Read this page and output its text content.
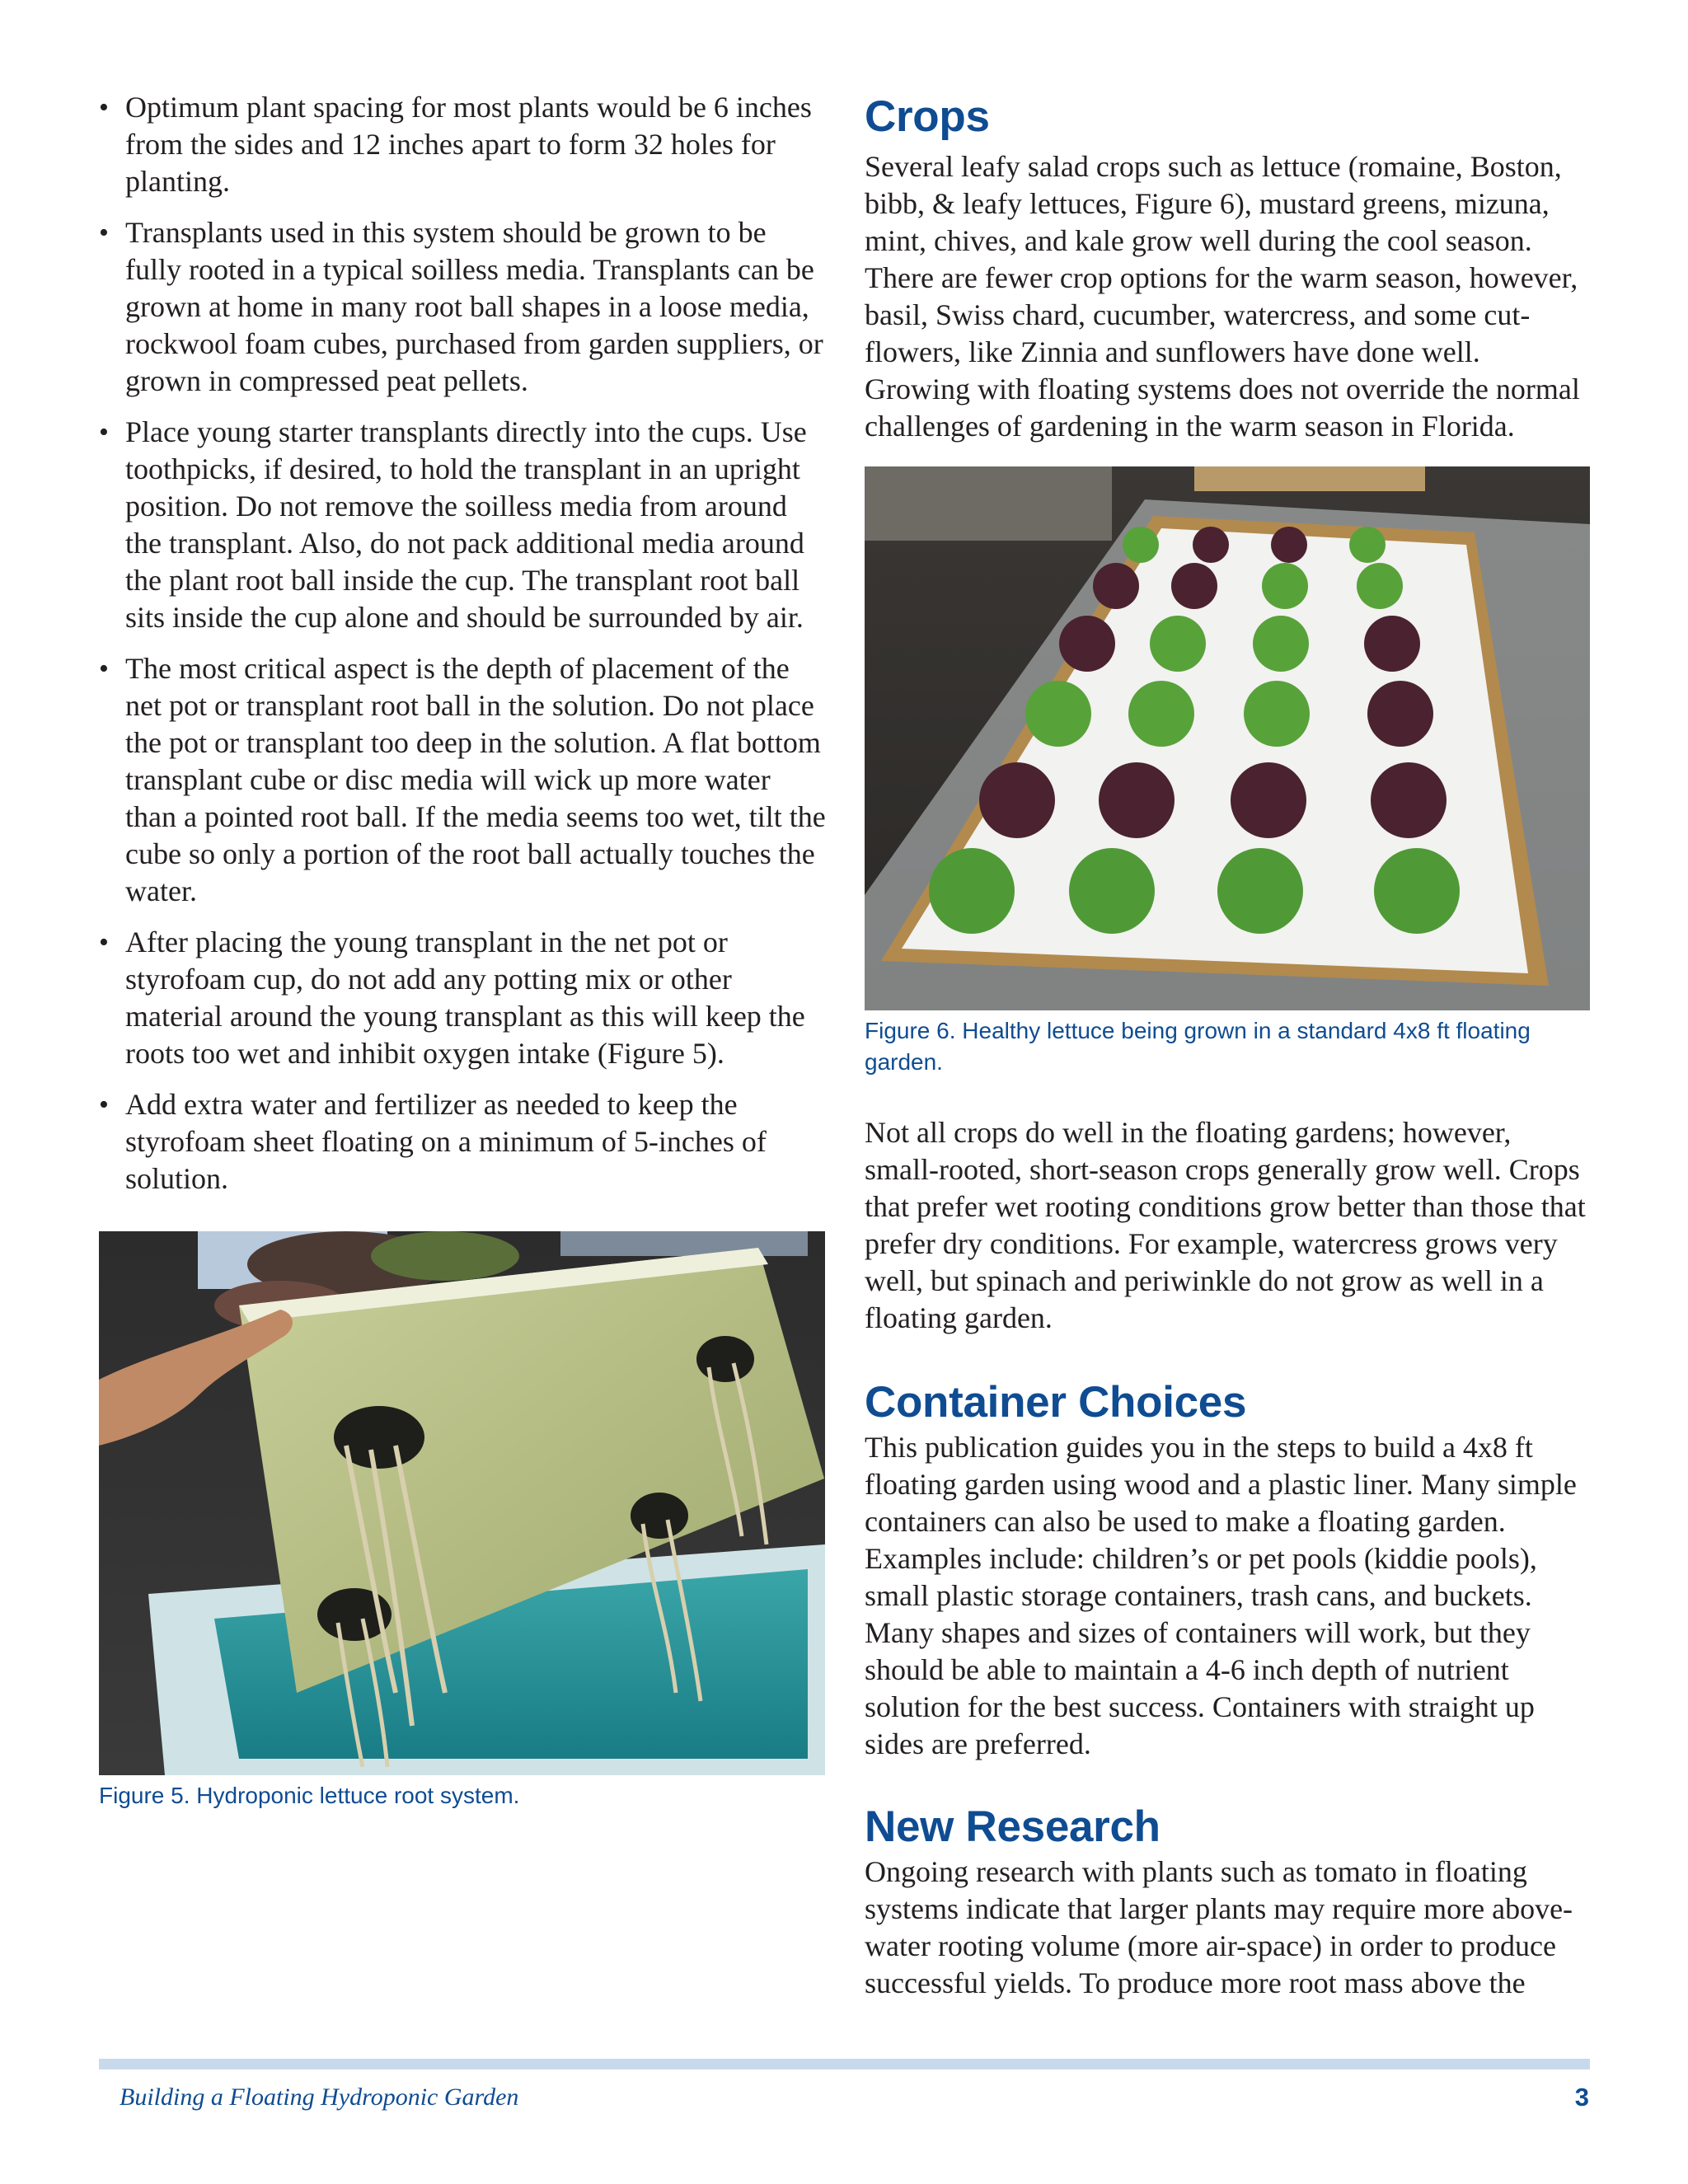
• Optimum plant spacing for most plants would be 6 inches from the sides and 12 inches apart to form 32 holes for planting.
• Transplants used in this system should be grown to be fully rooted in a typical soilless media. Transplants can be grown at home in many root ball shapes in a loose media, rockwool foam cubes, purchased from garden suppliers, or grown in compressed peat pellets.
• Place young starter transplants directly into the cups. Use toothpicks, if desired, to hold the transplant in an upright position. Do not remove the soilless media from around the transplant. Also, do not pack additional media around the plant root ball inside the cup. The transplant root ball sits inside the cup alone and should be surrounded by air.
• The most critical aspect is the depth of placement of the net pot or transplant root ball in the solution. Do not place the pot or transplant too deep in the solution. A flat bottom transplant cube or disc media will wick up more water than a pointed root ball. If the media seems too wet, tilt the cube so only a portion of the root ball actually touches the water.
• After placing the young transplant in the net pot or styrofoam cup, do not add any potting mix or other material around the young transplant as this will keep the roots too wet and inhibit oxygen intake (Figure 5).
• Add extra water and fertilizer as needed to keep the styrofoam sheet floating on a minimum of 5-inches of solution.

Figure 5. Hydroponic lettuce root system.

Crops

Several leafy salad crops such as lettuce (romaine, Boston, bibb, & leafy lettuces, Figure 6), mustard greens, mizuna, mint, chives, and kale grow well during the cool season. There are fewer crop options for the warm season, however, basil, Swiss chard, cucumber, watercress, and some cut-flowers, like Zinnia and sunflowers have done well. Growing with floating systems does not override the normal challenges of gardening in the warm season in Florida.

Figure 6. Healthy lettuce being grown in a standard 4x8 ft floating garden.

Not all crops do well in the floating gardens; however, small-rooted, short-season crops generally grow well. Crops that prefer wet rooting conditions grow better than those that prefer dry conditions. For example, watercress grows very well, but spinach and periwinkle do not grow as well in a floating garden.

Container Choices

This publication guides you in the steps to build a 4x8 ft floating garden using wood and a plastic liner. Many simple containers can also be used to make a floating garden. Examples include: children’s or pet pools (kiddie pools), small plastic storage containers, trash cans, and buckets. Many shapes and sizes of containers will work, but they should be able to maintain a 4-6 inch depth of nutrient solution for the best success. Containers with straight up sides are preferred.

New Research

Ongoing research with plants such as tomato in floating systems indicate that larger plants may require more above-water rooting volume (more air-space) in order to produce successful yields. To produce more root mass above the

Building a Floating Hydroponic Garden	3
